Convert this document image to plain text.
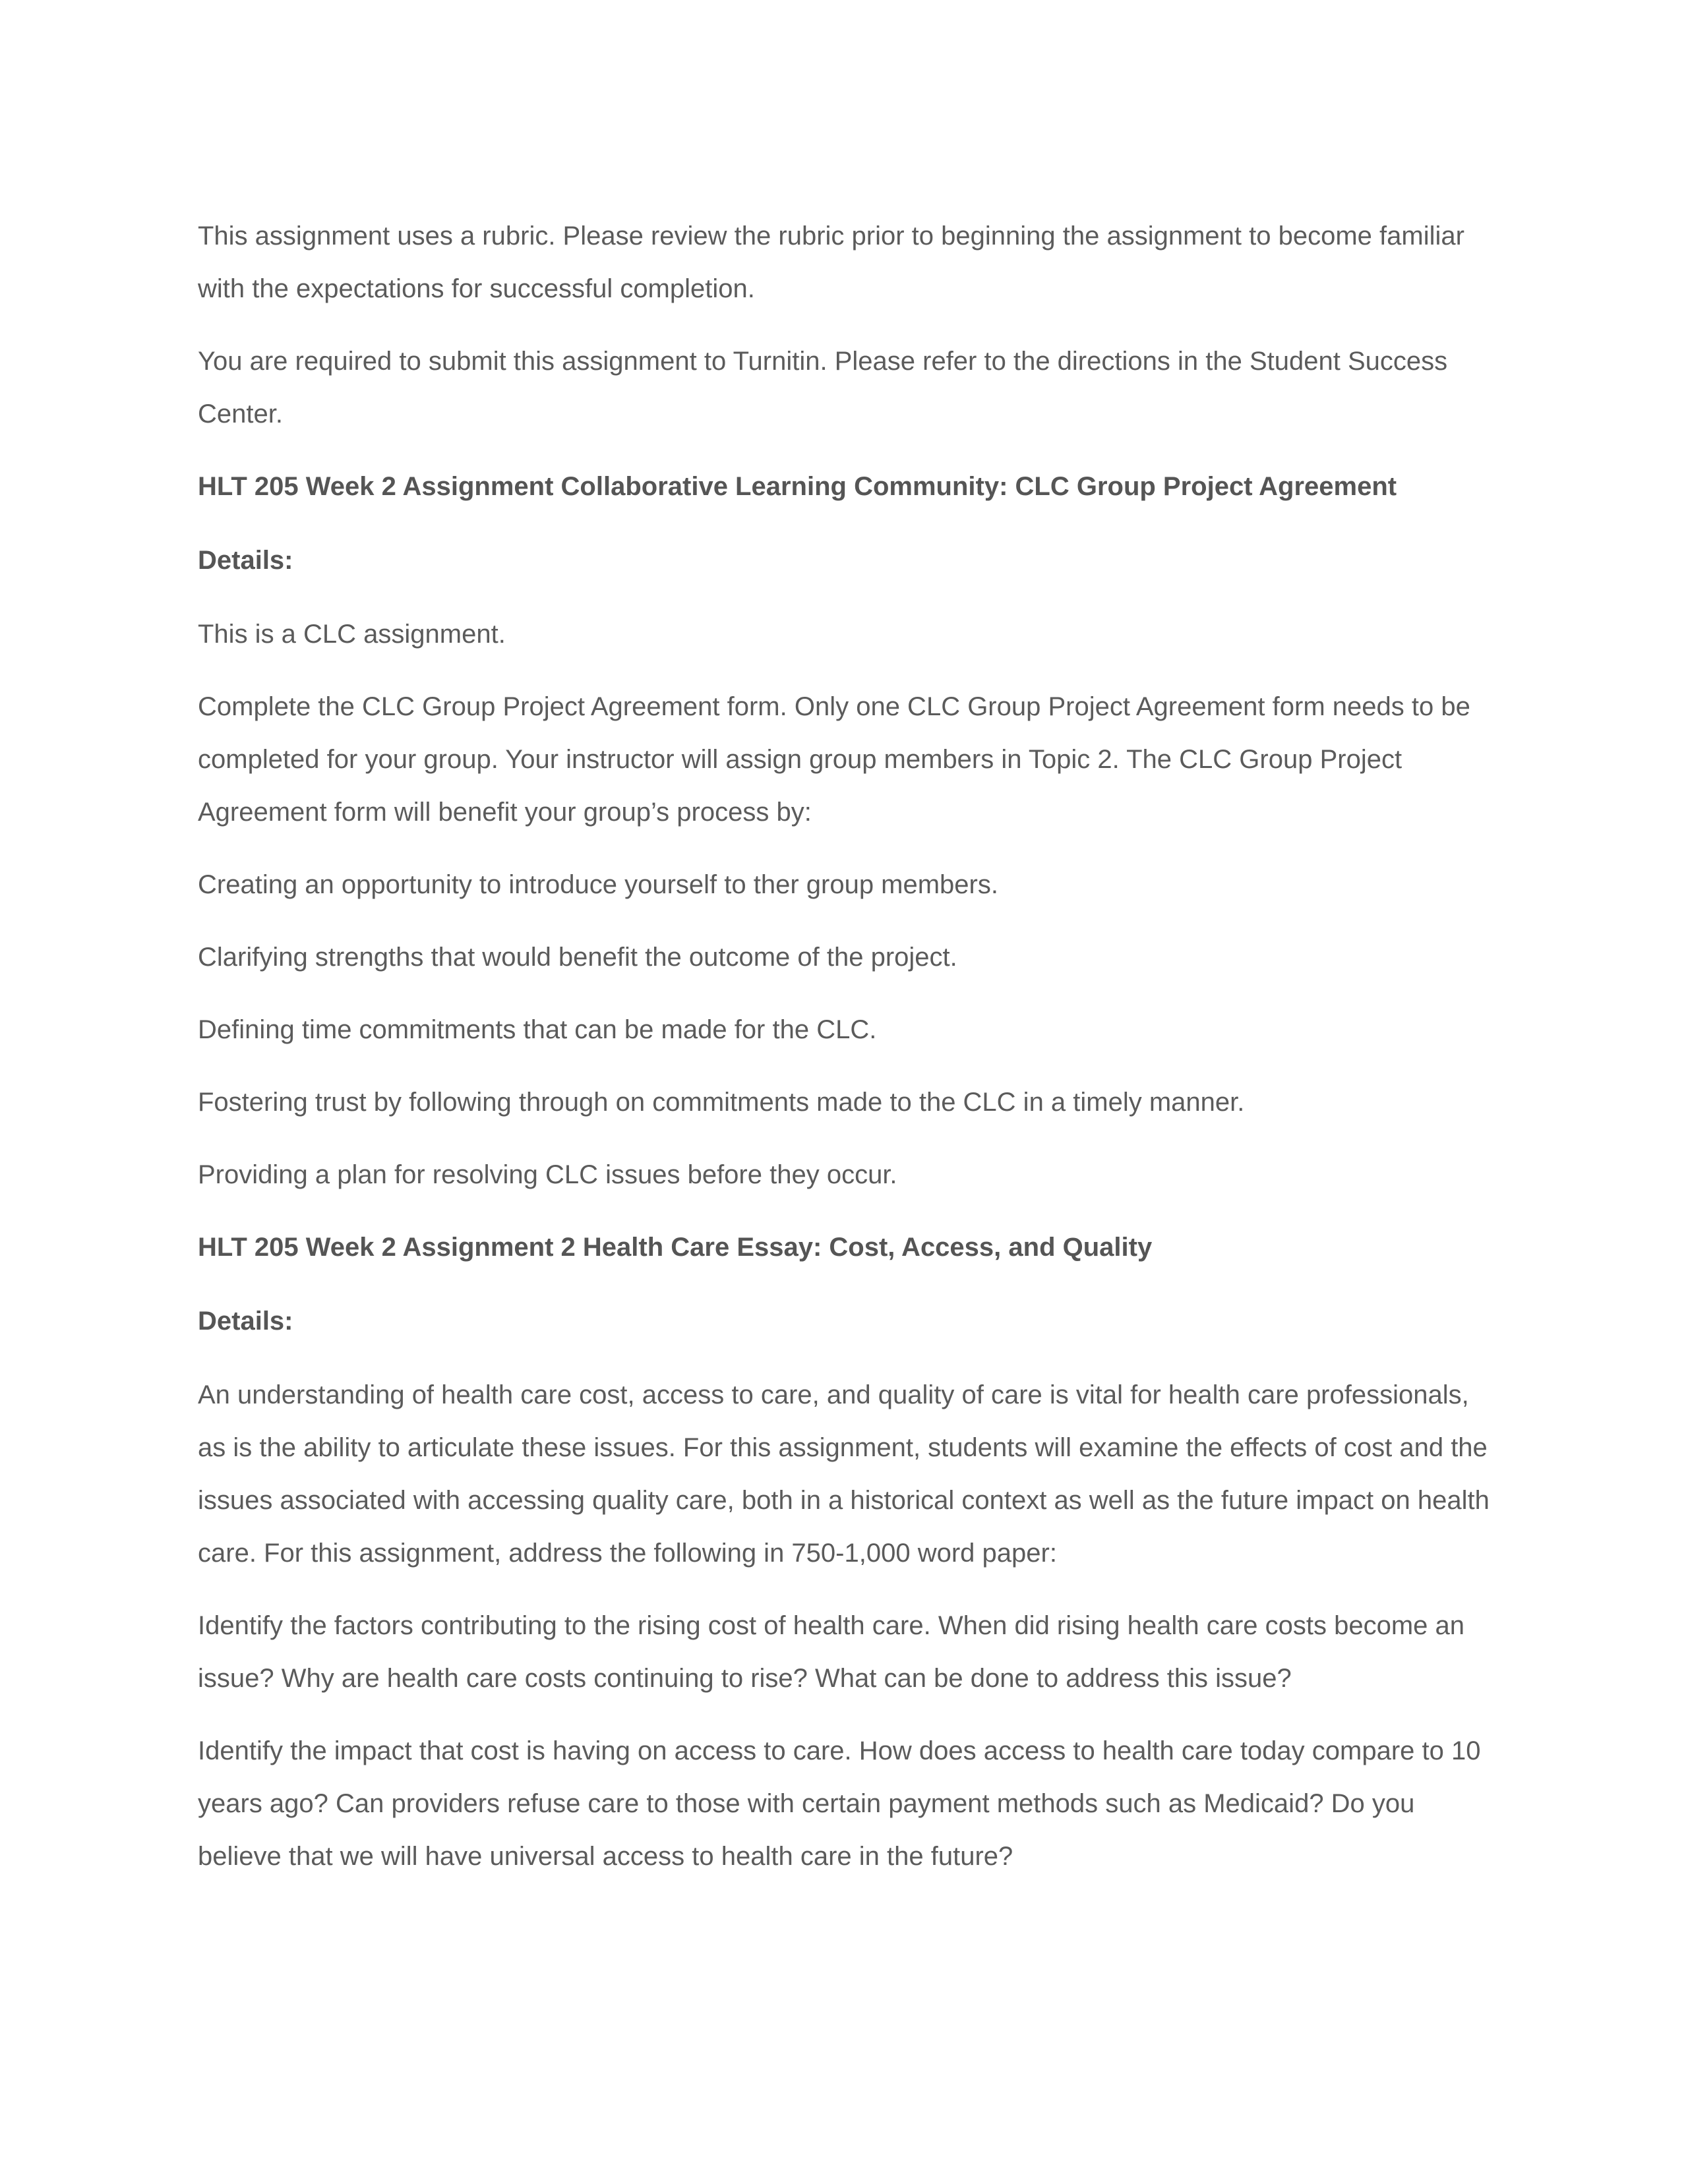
This assignment uses a rubric. Please review the rubric prior to beginning the assignment to become familiar with the expectations for successful completion.

You are required to submit this assignment to Turnitin. Please refer to the directions in the Student Success Center.

HLT 205 Week 2 Assignment Collaborative Learning Community: CLC Group Project Agreement

Details:

This is a CLC assignment.

Complete the CLC Group Project Agreement form. Only one CLC Group Project Agreement form needs to be completed for your group. Your instructor will assign group members in Topic 2. The CLC Group Project Agreement form will benefit your group’s process by:

Creating an opportunity to introduce yourself to ther group members.

Clarifying strengths that would benefit the outcome of the project.

Defining time commitments that can be made for the CLC.

Fostering trust by following through on commitments made to the CLC in a timely manner.

Providing a plan for resolving CLC issues before they occur.

HLT 205 Week 2 Assignment 2 Health Care Essay: Cost, Access, and Quality

Details:

An understanding of health care cost, access to care, and quality of care is vital for health care professionals, as is the ability to articulate these issues. For this assignment, students will examine the effects of cost and the issues associated with accessing quality care, both in a historical context as well as the future impact on health care. For this assignment, address the following in 750-1,000 word paper:

Identify the factors contributing to the rising cost of health care. When did rising health care costs become an issue? Why are health care costs continuing to rise? What can be done to address this issue?

Identify the impact that cost is having on access to care. How does access to health care today compare to 10 years ago? Can providers refuse care to those with certain payment methods such as Medicaid? Do you believe that we will have universal access to health care in the future?
